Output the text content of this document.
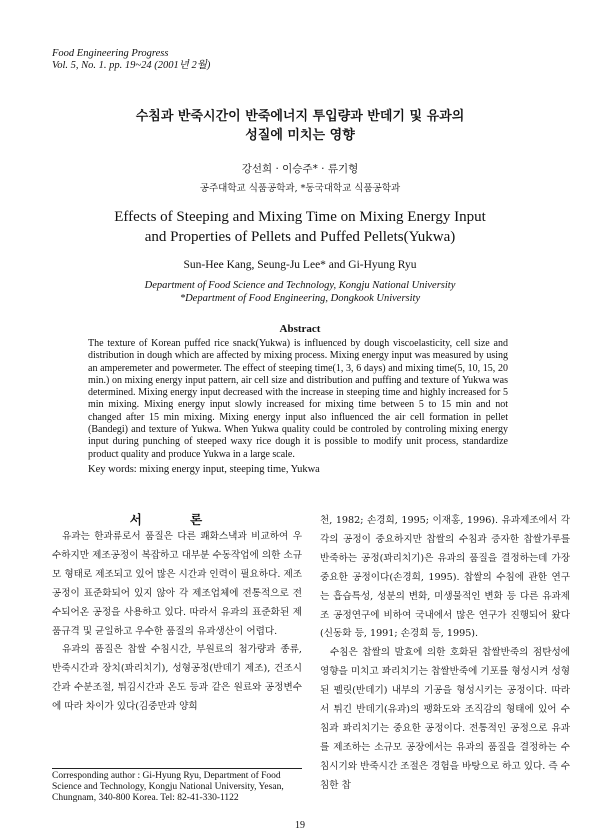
Food Engineering Progress
Vol. 5, No. 1. pp. 19~24 (2001년 2월)
수침과 반죽시간이 반죽에너지 투입량과 반데기 및 유과의
성질에 미치는 영향
강선희 · 이승주* · 류기형
공주대학교 식품공학과, *동국대학교 식품공학과
Effects of Steeping and Mixing Time on Mixing Energy Input
and Properties of Pellets and Puffed Pellets(Yukwa)
Sun-Hee Kang, Seung-Ju Lee* and Gi-Hyung Ryu
Department of Food Science and Technology, Kongju National University
*Department of Food Engineering, Dongkook University
Abstract
The texture of Korean puffed rice snack(Yukwa) is influenced by dough viscoelasticity, cell size and distribution in dough which are affected by mixing process. Mixing energy input was measured by using an amperemeter and powermeter. The effect of steeping time(1, 3, 6 days) and mixing time(5, 10, 15, 20 min.) on mixing energy input pattern, air cell size and distribution and puffing and texture of Yukwa was determined. Mixing energy input decreased with the increase in steeping time and highly increased for 5 min mixing. Mixing energy input slowly increased for mixing time between 5 to 15 min and not changed after 15 min mixing. Mixing energy input also influenced the air cell formation in pellet (Bandegi) and texture of Yukwa. When Yukwa quality could be controled by controling mixing energy input during punching of steeped waxy rice dough it is possible to modify unit process, standardize product quality and produce Yukwa in a large scale.
Key words: mixing energy input, steeping time, Yukwa
서 론

유과는 한과류로서 품질은 다른 쾌화스낵과 비교하여 우수하지만 제조공정이 복잡하고 대부분 수동작업에 의한 소규모 형태로 제조되고 있어 많은 시간과 인력이 필요하다. 제조공정이 표준화되어 있지 않아 각 제조업체에 전통적으로 전수되어온 공정을 사용하고 있다. 따라서 유과의 표준화된 제품규격 및 균일하고 우수한 품질의 유과생산이 어렵다.

유과의 품질은 찹쌀 수침시간, 부원료의 첨가량과 종류, 반죽시간과 장치(꽈리치기), 성형공정(반데기 제조), 건조시간과 수분조절, 튀김시간과 온도 등과 같은 원료와 공정변수에 따라 차이가 있다(김중만과 양희

천, 1982; 손경희, 1995; 이재홍, 1996). 유과제조에서 각각의 공정이 중요하지만 찹쌀의 수침과 증자한 찹쌀가루를 반죽하는 공정(꽈리치기)은 유과의 품질을 결정하는데 가장 중요한 공정이다(손경희, 1995). 찹쌀의 수침에 관한 연구는 흡습특성, 성분의 변화, 미생물적인 변화 등 다른 유과제조 공정연구에 비하여 국내에서 많은 연구가 진행되어 왔다(신동화 등, 1991; 손경희 등, 1995).

수침은 찹쌀의 발효에 의한 호화된 찹쌀반죽의 점탄성에 영향을 미치고 꽈리치기는 찹쌀반죽에 기포를 형성시켜 성형된 펠릿(반데기) 내부의 기공을 형성시키는 공정이다. 따라서 튀긴 반데기(유과)의 팽화도와 조직감의 형태에 있어 수침과 꽈리치기는 중요한 공정이다. 전통적인 공정으로 유과를 제조하는 소규모 공장에서는 유과의 품질을 결정하는 수침시기와 반죽시간 조절은 경험을 바탕으로 하고 있다. 즉 수침한 찹

Corresponding author : Gi-Hyung Ryu, Department of Food Science and Technology, Kongju National University, Yesan, Chungnam, 340-800 Korea. Tel: 82-41-330-1122
19
